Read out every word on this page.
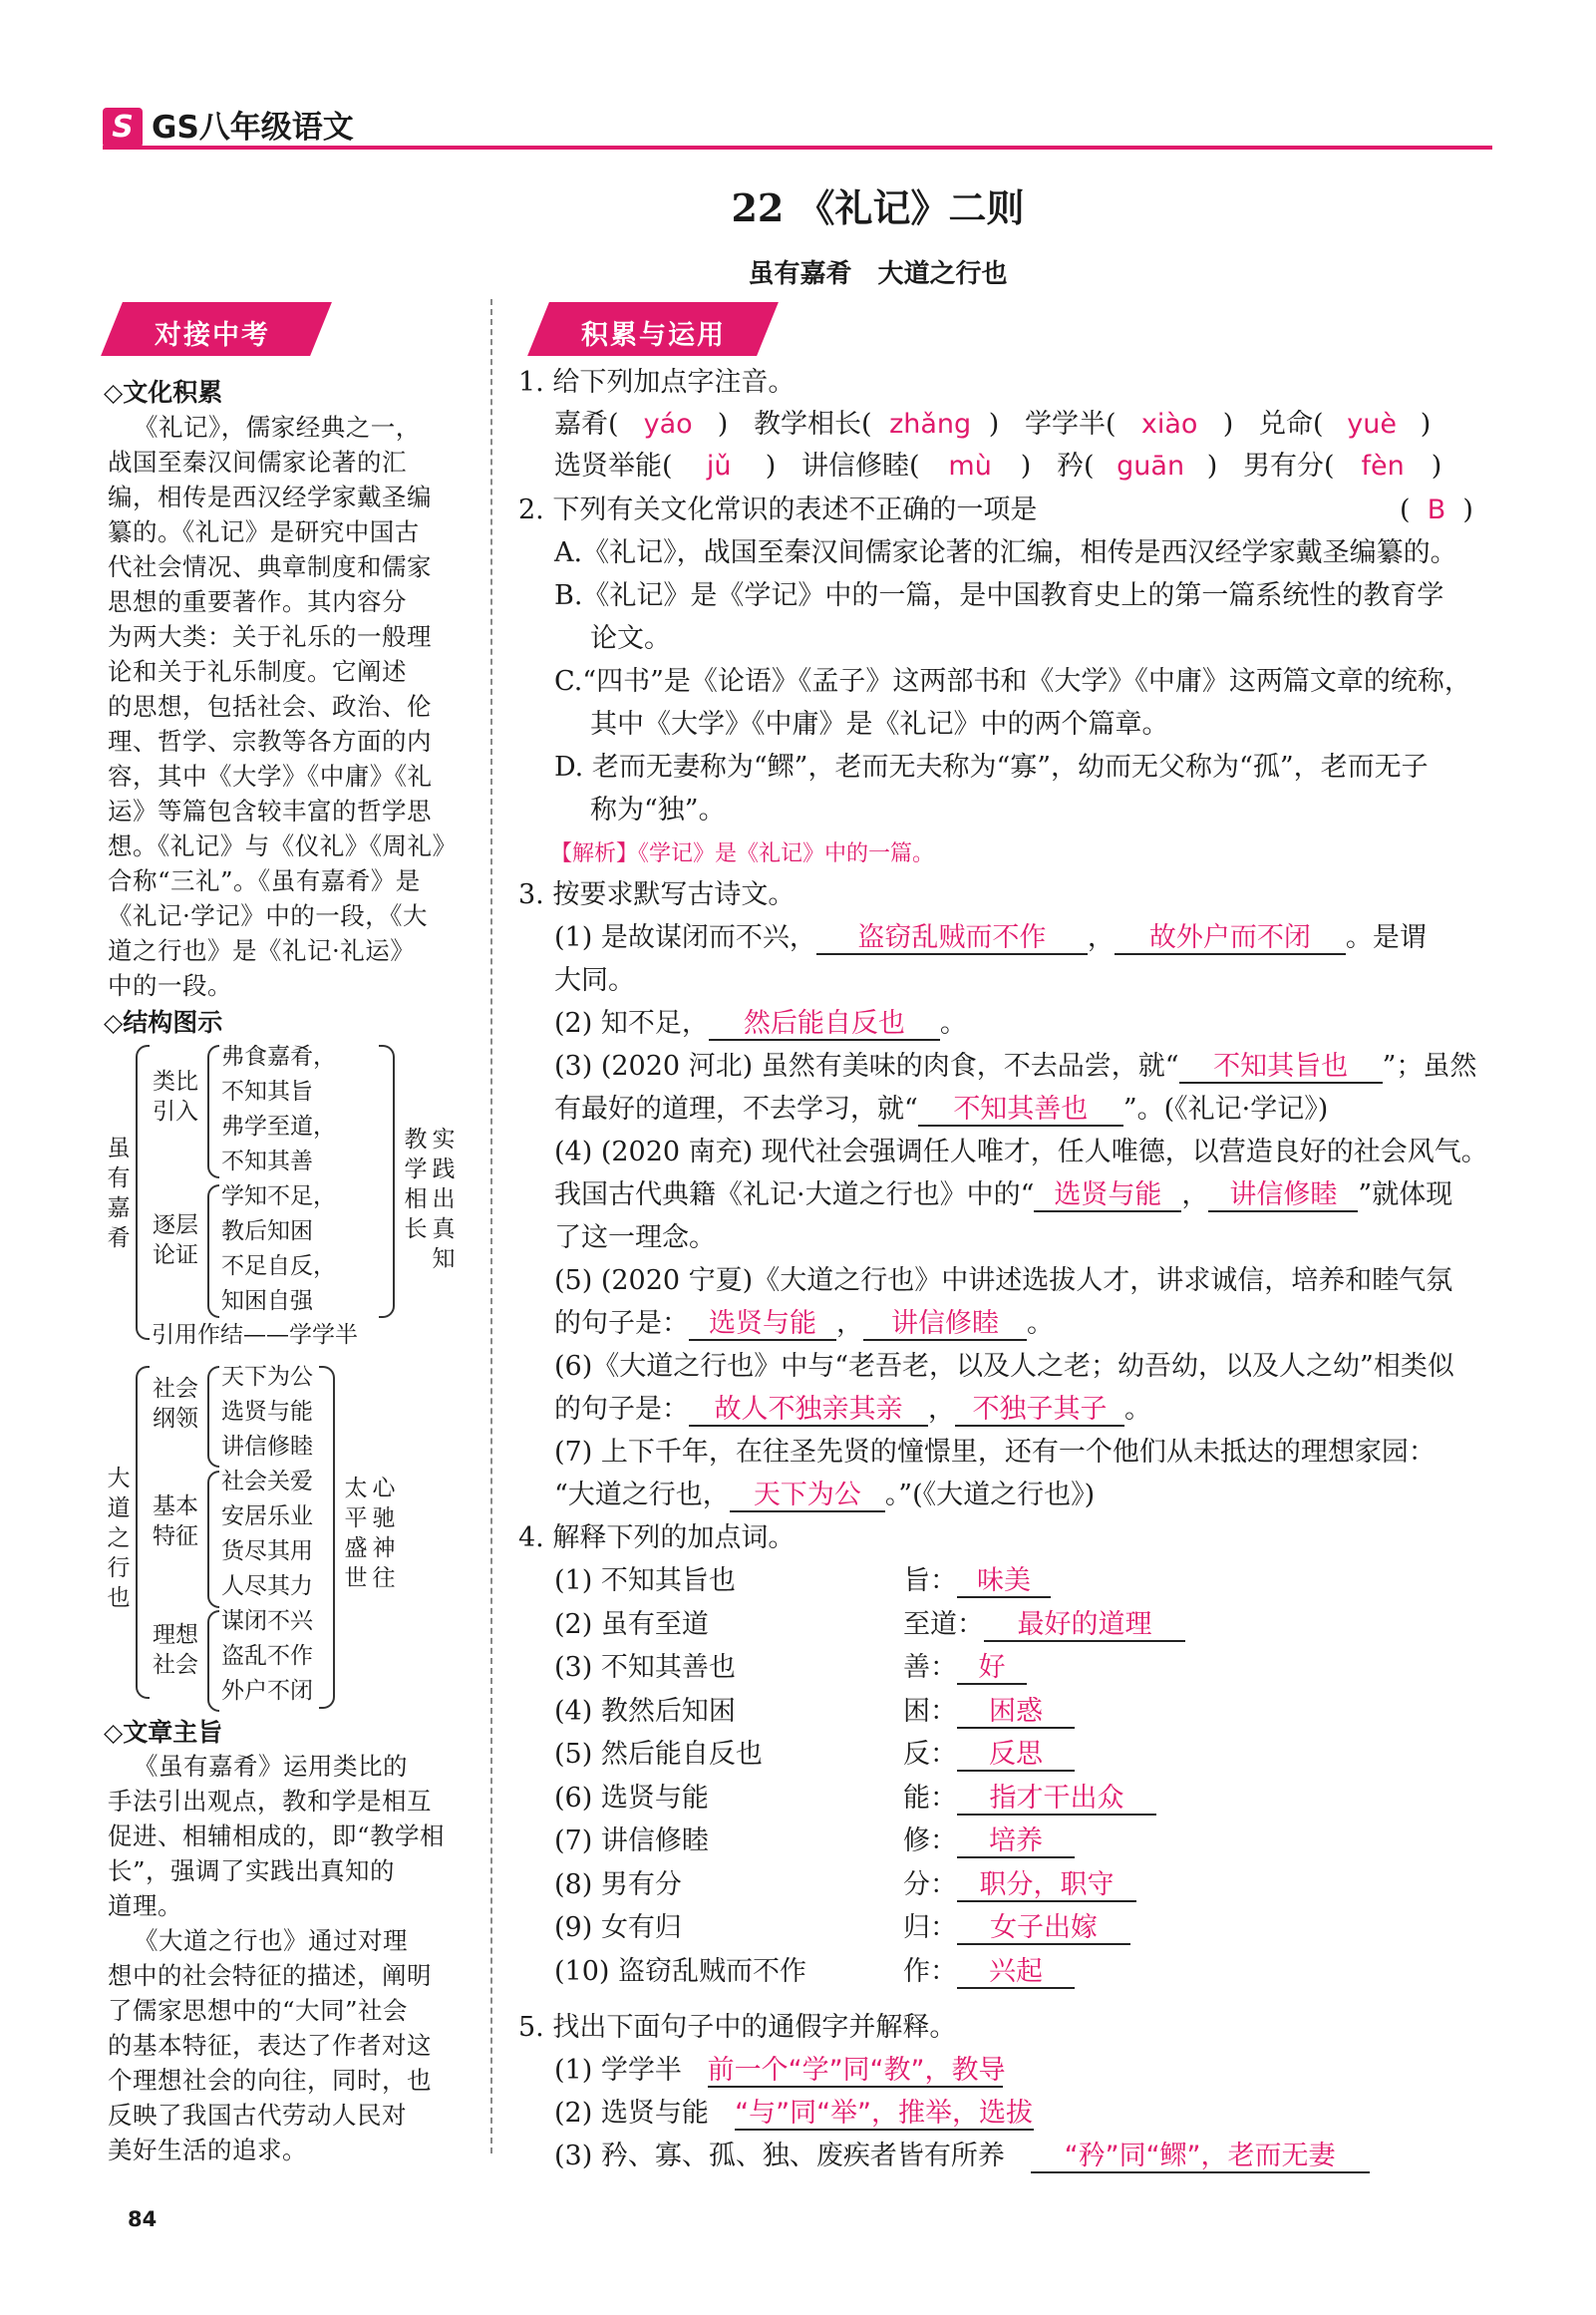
S GS八年级语文
22 《礼记》二则
虽有嘉肴　大道之行也
对接中考
◇文化积累
《礼记》，儒家经典之一，
战国至秦汉间儒家论著的汇
编，相传是西汉经学家戴圣编
纂的。《礼记》是研究中国古
代社会情况、典章制度和儒家
思想的重要著作。其内容分
为两大类：关于礼乐的一般理
论和关于礼乐制度。它阐述
的思想，包括社会、政治、伦
理、哲学、宗教等各方面的内
容，其中《大学》《中庸》《礼
运》等篇包含较丰富的哲学思
想。《礼记》与《仪礼》《周礼》
合称“三礼”。《虽有嘉肴》是
《礼记·学记》中的一段，《大
道之行也》是《礼记·礼运》
中的一段。
◇结构图示
虽有嘉肴
类比引入
弗食嘉肴，
不知其旨
弗学至道，
不知其善
逐层论证
学知不足，
教后知困
不足自反，
知困自强
引用作结——学学半
教学相长
实践出真知
大道之行也
社会纲领
天下为公
选贤与能
讲信修睦
基本特征
社会关爱
安居乐业
货尽其用
人尽其力
理想社会
谋闭不兴
盗乱不作
外户不闭
太平盛世
心驰神往
◇文章主旨
《虽有嘉肴》运用类比的
手法引出观点，教和学是相互
促进、相辅相成的，即“教学相
长”，强调了实践出真知的
道理。
《大道之行也》通过对理
想中的社会特征的描述，阐明
了儒家思想中的“大同”社会
的基本特征，表达了作者对这
个理想社会的向往，同时，也
反映了我国古代劳动人民对
美好生活的追求。
积累与运用
1. 给下列加点字注音。
嘉肴( yáo )   教学相长( zhǎng )   学学半( xiào )   兑命( yuè )
选贤举能( jǔ )   讲信修睦( mù )   矜( guān )   男有分( fèn )
2. 下列有关文化常识的表述不正确的一项是	(  B  )
A.《礼记》，战国至秦汉间儒家论著的汇编，相传是西汉经学家戴圣编纂的。
B.《礼记》是《学记》中的一篇，是中国教育史上的第一篇系统性的教育学
论文。
C.“四书”是《论语》《孟子》这两部书和《大学》《中庸》这两篇文章的统称，
其中《大学》《中庸》是《礼记》中的两个篇章。
D. 老而无妻称为“鳏”，老而无夫称为“寡”，幼而无父称为“孤”，老而无子
称为“独”。
【解析】《学记》是《礼记》中的一篇。
3. 按要求默写古诗文。
(1) 是故谋闭而不兴， 盗窃乱贼而不作 ， 故外户而不闭 。是谓
大同。
(2) 知不足， 然后能自反也 。
(3) (2020 河北) 虽然有美味的肉食，不去品尝，就“ 不知其旨也 ”；虽然
有最好的道理，不去学习，就“ 不知其善也 ”。(《礼记·学记》)
(4) (2020 南充) 现代社会强调任人唯才，任人唯德，以营造良好的社会风气。
我国古代典籍《礼记·大道之行也》中的“ 选贤与能 ， 讲信修睦 ”就体现
了这一理念。
(5) (2020 宁夏)《大道之行也》中讲述选拔人才，讲求诚信，培养和睦气氛
的句子是： 选贤与能 ， 讲信修睦 。
(6)《大道之行也》中与“老吾老，以及人之老；幼吾幼，以及人之幼”相类似
的句子是： 故人不独亲其亲 ， 不独子其子 。
(7) 上下千年，在往圣先贤的憧憬里，还有一个他们从未抵达的理想家园：
“大道之行也， 天下为公 。”(《大道之行也》)
4. 解释下列的加点词。
(1) 不知其旨也	旨： 味美
(2) 虽有至道	至道： 最好的道理
(3) 不知其善也	善： 好
(4) 教然后知困	困： 困惑
(5) 然后能自反也	反： 反思
(6) 选贤与能	能： 指才干出众
(7) 讲信修睦	修： 培养
(8) 男有分	分： 职分，职守
(9) 女有归	归： 女子出嫁
(10) 盗窃乱贼而不作	作： 兴起
5. 找出下面句子中的通假字并解释。
(1) 学学半 前一个“学”同“教”，教导
(2) 选贤与能 “与”同“举”，推举，选拔
(3) 矜、寡、孤、独、废疾者皆有所养 “矜”同“鳏”，老而无妻
84
